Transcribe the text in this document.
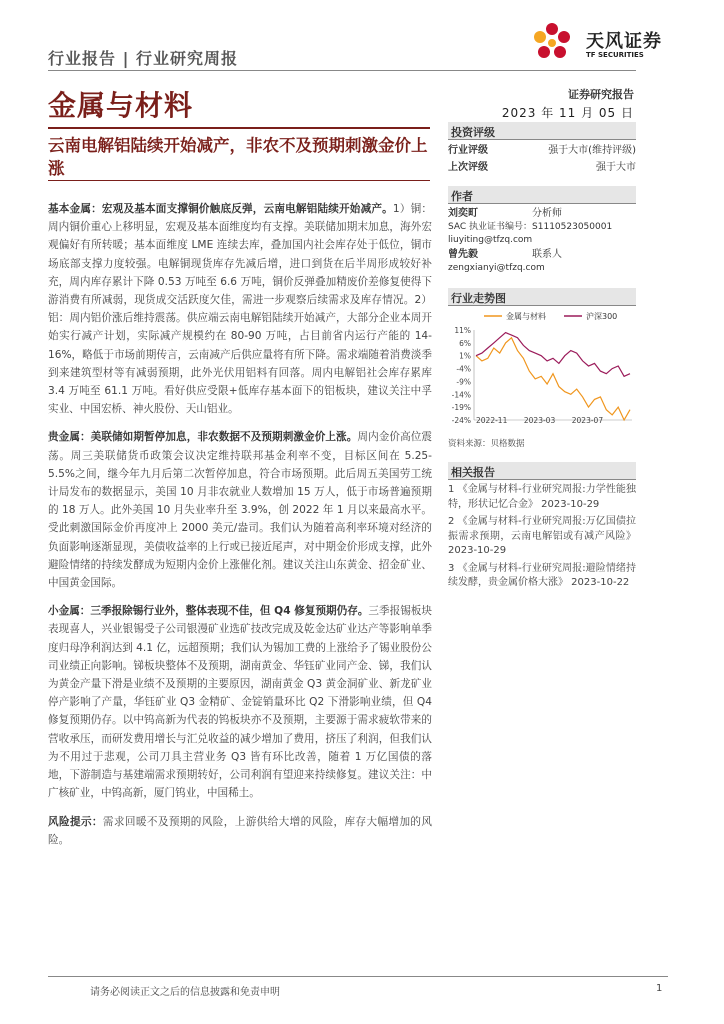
行业报告 | 行业研究周报
天风证券
TF SECURITIES
金属与材料	证券研究报告
2023 年 11 月 05 日
云南电解铝陆续开始减产，非农不及预期刺激金价上涨
基本金属：宏观及基本面支撑铜价触底反弹，云南电解铝陆续开始减产。1）铜：周内铜价重心上移明显，宏观及基本面维度均有支撑。美联储加期末加息，海外宏观偏好有所转暖；基本面维度 LME 连续去库，叠加国内社会库存处于低位，铜市场底部支撑力度较强。电解铜现货库存先减后增，进口到货在后半周形成较好补充，周内库存累计下降 0.53 万吨至 6.6 万吨，铜价反弹叠加精废价差修复使得下游消费有所减弱，现货成交活跃度欠佳，需进一步观察后续需求及库存情况。2）铝：周内铝价涨后维持震荡。供应端云南电解铝陆续开始减产，大部分企业本周开始实行减产计划，实际减产规模约在 80-90 万吨，占目前省内运行产能的 14-16%，略低于市场前期传言，云南减产后供应量将有所下降。需求端随着消费淡季到来建筑型材等有减弱预期，此外光伏用铝料有回落。周内电解铝社会库存累库 3.4 万吨至 61.1 万吨。看好供应受限+低库存基本面下的铝板块，建议关注中孚实业、中国宏桥、神火股份、天山铝业。
贵金属：美联储如期暂停加息，非农数据不及预期刺激金价上涨。周内金价高位震荡。周三美联储货币政策会议决定维持联邦基金利率不变，目标区间在 5.25-5.5%之间，继今年九月后第二次暂停加息，符合市场预期。此后周五美国劳工统计局发布的数据显示，美国 10 月非农就业人数增加 15 万人，低于市场普遍预期的 18 万人。此外美国 10 月失业率升至 3.9%，创 2022 年 1 月以来最高水平。受此刺激国际金价再度冲上 2000 美元/盎司。我们认为随着高利率环境对经济的负面影响逐渐显现，美债收益率的上行或已接近尾声，对中期金价形成支撑，此外避险情绪的持续发酵成为短期内金价上涨催化剂。建议关注山东黄金、招金矿业、中国黄金国际。
小金属：三季报除锡行业外，整体表现不佳，但 Q4 修复预期仍存。三季报锡板块表现喜人，兴业银锡受子公司银漫矿业选矿技改完成及乾金达矿业达产等影响单季度归母净利润达到 4.1 亿，远超预期；我们认为锡加工费的上涨给予了锡业股份公司业绩正向影响。锑板块整体不及预期，湖南黄金、华钰矿业同产金、锑，我们认为黄金产量下滑是业绩不及预期的主要原因，湖南黄金 Q3 黄金洞矿业、新龙矿业停产影响了产量，华钰矿业 Q3 金精矿、金锭销量环比 Q2 下滑影响业绩，但 Q4 修复预期仍存。以中钨高新为代表的钨板块亦不及预期，主要源于需求疲软带来的营收承压，而研发费用增长与汇兑收益的减少增加了费用，挤压了利润，但我们认为不用过于悲观，公司刀具主营业务 Q3 皆有环比改善，随着 1 万亿国债的落地，下游制造与基建端需求预期转好，公司利润有望迎来持续修复。建议关注：中广核矿业，中钨高新，厦门钨业，中国稀土。
风险提示：需求回暖不及预期的风险，上游供给大增的风险，库存大幅增加的风险。
投资评级
行业评级	强于大市(维持评级)
上次评级	强于大市
作者
刘奕町	分析师
SAC 执业证书编号：S1110523050001
liuyiting@tfzq.com
曾先毅	联系人
zengxianyi@tfzq.com
行业走势图
金属与材料	沪深300
11%
6%
1%
-4%
-9%
-14%
-19%
-24% 2022-11 2023-03 2023-07
资料来源：贝格数据
相关报告
1 《金属与材料-行业研究周报:力学性能独特，形状记忆合金》 2023-10-29
2 《金属与材料-行业研究周报:万亿国债拉振需求预期，云南电解铝或有减产风险》 2023-10-29
3 《金属与材料-行业研究周报:避险情绪持续发酵，贵金属价格大涨》 2023-10-22
请务必阅读正文之后的信息披露和免责申明	1
